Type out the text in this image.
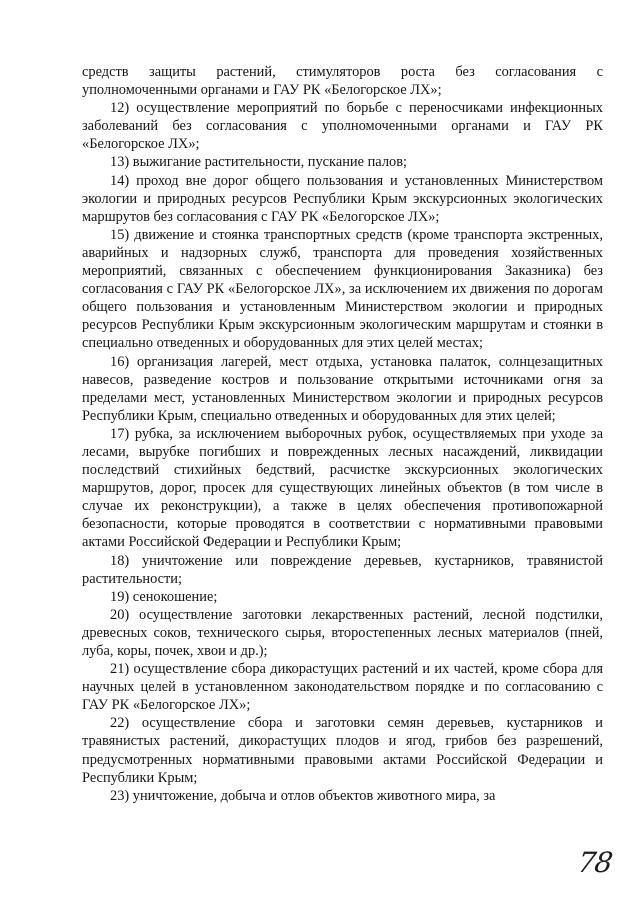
средств защиты растений, стимуляторов роста без согласования с уполномоченными органами и ГАУ РК «Белогорское ЛХ»;

12) осуществление мероприятий по борьбе с переносчиками инфекционных заболеваний без согласования с уполномоченными органами и ГАУ РК «Белогорское ЛХ»;

13) выжигание растительности, пускание палов;

14) проход вне дорог общего пользования и установленных Министерством экологии и природных ресурсов Республики Крым экскурсионных экологических маршрутов без согласования с ГАУ РК «Белогорское ЛХ»;

15) движение и стоянка транспортных средств (кроме транспорта экстренных, аварийных и надзорных служб, транспорта для проведения хозяйственных мероприятий, связанных с обеспечением функционирования Заказника) без согласования с ГАУ РК «Белогорское ЛХ», за исключением их движения по дорогам общего пользования и установленным Министерством экологии и природных ресурсов Республики Крым экскурсионным экологическим маршрутам и стоянки в специально отведенных и оборудованных для этих целей местах;

16) организация лагерей, мест отдыха, установка палаток, солнцезащитных навесов, разведение костров и пользование открытыми источниками огня за пределами мест, установленных Министерством экологии и природных ресурсов Республики Крым, специально отведенных и оборудованных для этих целей;

17) рубка, за исключением выборочных рубок, осуществляемых при уходе за лесами, вырубке погибших и поврежденных лесных насаждений, ликвидации последствий стихийных бедствий, расчистке экскурсионных экологических маршрутов, дорог, просек для существующих линейных объектов (в том числе в случае их реконструкции), а также в целях обеспечения противопожарной безопасности, которые проводятся в соответствии с нормативными правовыми актами Российской Федерации и Республики Крым;

18) уничтожение или повреждение деревьев, кустарников, травянистой растительности;

19) сенокошение;

20) осуществление заготовки лекарственных растений, лесной подстилки, древесных соков, технического сырья, второстепенных лесных материалов (пней, луба, коры, почек, хвои и др.);

21) осуществление сбора дикорастущих растений и их частей, кроме сбора для научных целей в установленном законодательством порядке и по согласованию с ГАУ РК «Белогорское ЛХ»;

22) осуществление сбора и заготовки семян деревьев, кустарников и травянистых растений, дикорастущих плодов и ягод, грибов без разрешений, предусмотренных нормативными правовыми актами Российской Федерации и Республики Крым;

23) уничтожение, добыча и отлов объектов животного мира, за

78
